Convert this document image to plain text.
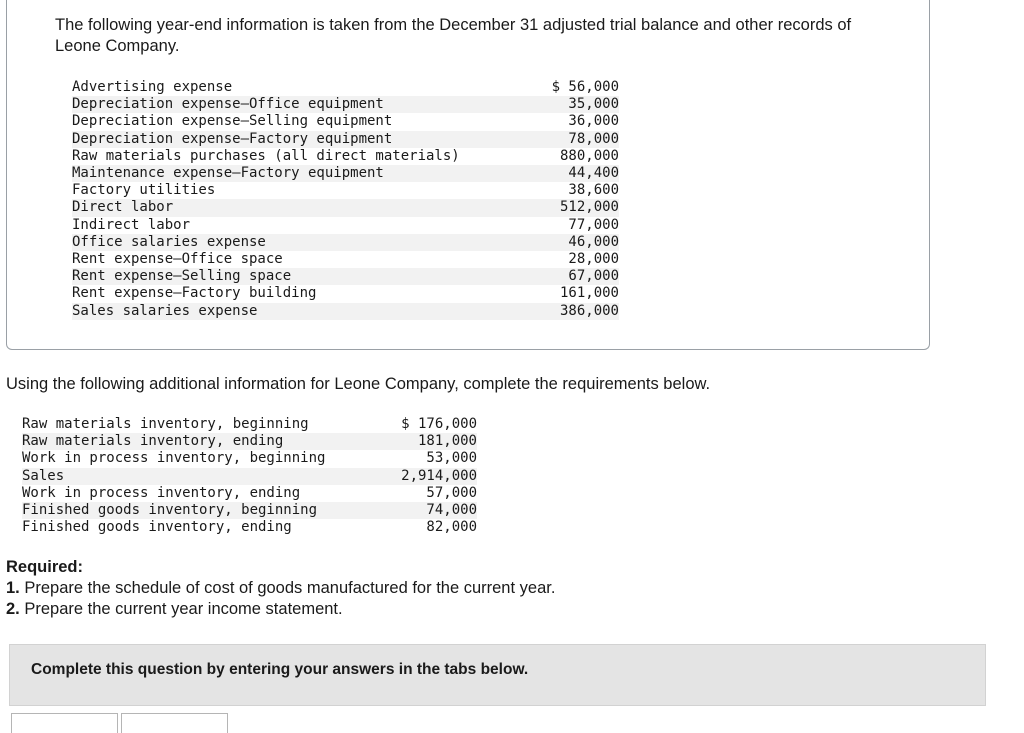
The following year-end information is taken from the December 31 adjusted trial balance and other records of Leone Company.

Advertising expense	$ 56,000
Depreciation expense—Office equipment	35,000
Depreciation expense—Selling equipment	36,000
Depreciation expense—Factory equipment	78,000
Raw materials purchases (all direct materials)	880,000
Maintenance expense—Factory equipment	44,400
Factory utilities	38,600
Direct labor	512,000
Indirect labor	77,000
Office salaries expense	46,000
Rent expense—Office space	28,000
Rent expense—Selling space	67,000
Rent expense—Factory building	161,000
Sales salaries expense	386,000

Using the following additional information for Leone Company, complete the requirements below.

Raw materials inventory, beginning	$ 176,000
Raw materials inventory, ending	181,000
Work in process inventory, beginning	53,000
Sales	2,914,000
Work in process inventory, ending	57,000
Finished goods inventory, beginning	74,000
Finished goods inventory, ending	82,000

Required:

1. Prepare the schedule of cost of goods manufactured for the current year.

2. Prepare the current year income statement.

Complete this question by entering your answers in the tabs below.
